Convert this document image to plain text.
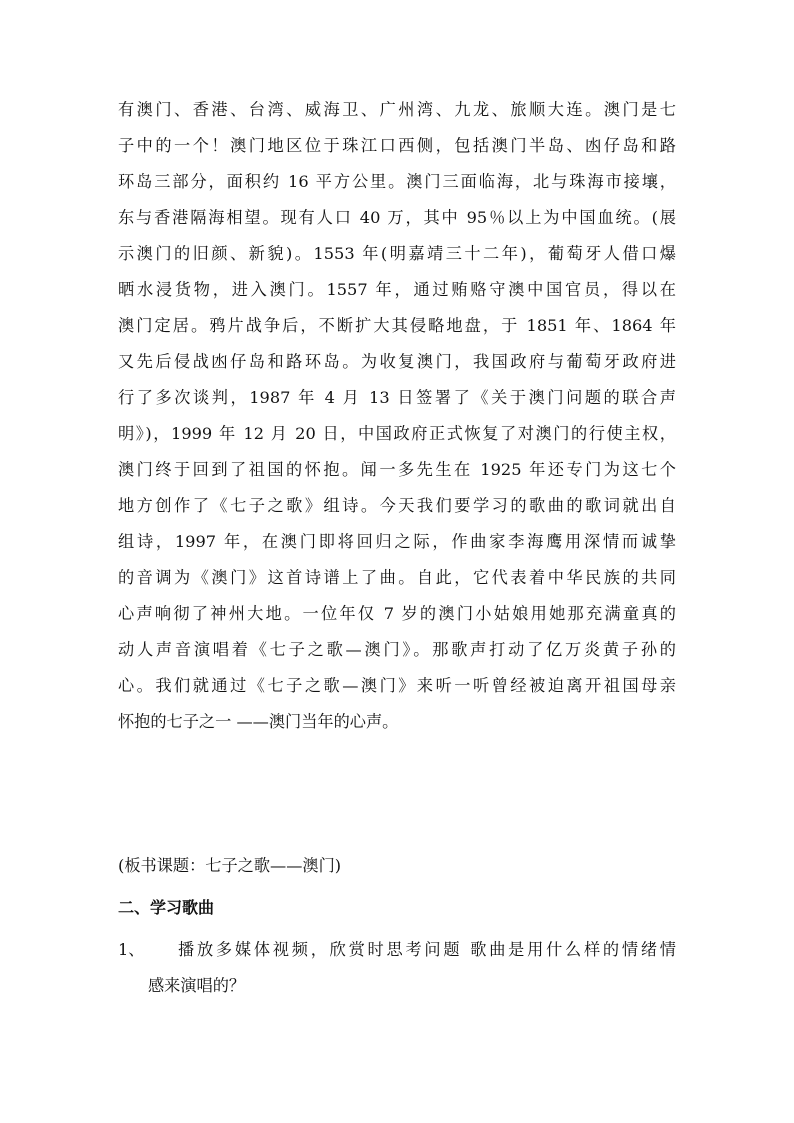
有澳门、香港、台湾、威海卫、广州湾、九龙、旅顺大连。澳门是七
子中的一个！澳门地区位于珠江口西侧，包括澳门半岛、凼仔岛和路
环岛三部分，面积约 16 平方公里。澳门三面临海，北与珠海市接壤，
东与香港隔海相望。现有人口 40 万，其中 95％以上为中国血统。(展
示澳门的旧颜、新貌)。1553 年(明嘉靖三十二年)，葡萄牙人借口爆
晒水浸货物，进入澳门。1557 年，通过贿赂守澳中国官员，得以在
澳门定居。鸦片战争后，不断扩大其侵略地盘，于 1851 年、1864 年
又先后侵战凼仔岛和路环岛。为收复澳门，我国政府与葡萄牙政府进
行了多次谈判，1987 年 4 月 13 日签署了《关于澳门问题的联合声
明》)，1999 年 12 月 20 日，中国政府正式恢复了对澳门的行使主权，
澳门终于回到了祖国的怀抱。闻一多先生在 1925 年还专门为这七个
地方创作了《七子之歌》组诗。今天我们要学习的歌曲的歌词就出自
组诗，1997 年，在澳门即将回归之际，作曲家李海鹰用深情而诚挚
的音调为《澳门》这首诗谱上了曲。自此，它代表着中华民族的共同
心声响彻了神州大地。一位年仅 7 岁的澳门小姑娘用她那充满童真的
动人声音演唱着《七子之歌—澳门》。那歌声打动了亿万炎黄子孙的
心。我们就通过《七子之歌—澳门》来听一听曾经被迫离开祖国母亲
怀抱的七子之一 ——澳门当年的心声。
(板书课题：七子之歌——澳门)
二、学习歌曲
1、 播放多媒体视频，欣赏时思考问题 歌曲是用什么样的情绪情
感来演唱的？
